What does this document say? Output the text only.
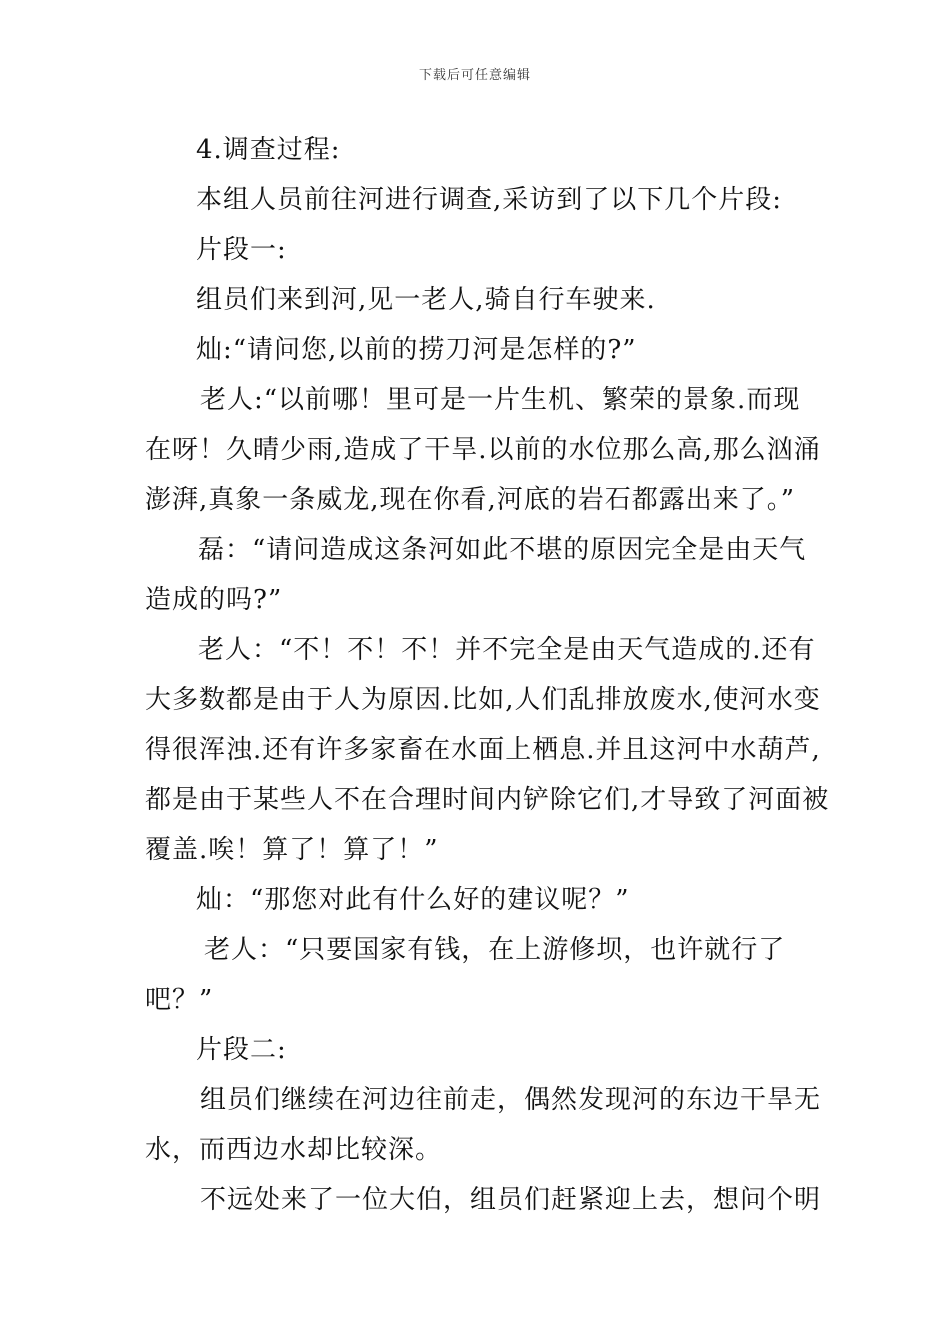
下载后可任意编辑
4.调查过程:
本组人员前往河进行调查,采访到了以下几个片段:
片段一:
组员们来到河,见一老人,骑自行车驶来.
灿:“请问您,以前的捞刀河是怎样的?”
老人:“以前哪！里可是一片生机、繁荣的景象.而现
在呀！久晴少雨,造成了干旱.以前的水位那么高,那么汹涌
澎湃,真象一条威龙,现在你看,河底的岩石都露出来了。”
磊：“请问造成这条河如此不堪的原因完全是由天气
造成的吗?”
老人：“不！不！不！并不完全是由天气造成的.还有
大多数都是由于人为原因.比如,人们乱排放废水,使河水变
得很浑浊.还有许多家畜在水面上栖息.并且这河中水葫芦,
都是由于某些人不在合理时间内铲除它们,才导致了河面被
覆盖.唉！算了！算了！”
灿：“那您对此有什么好的建议呢？”
老人：“只要国家有钱，在上游修坝，也许就行了
吧？”
片段二:
组员们继续在河边往前走，偶然发现河的东边干旱无
水，而西边水却比较深。
不远处来了一位大伯，组员们赶紧迎上去，想问个明
